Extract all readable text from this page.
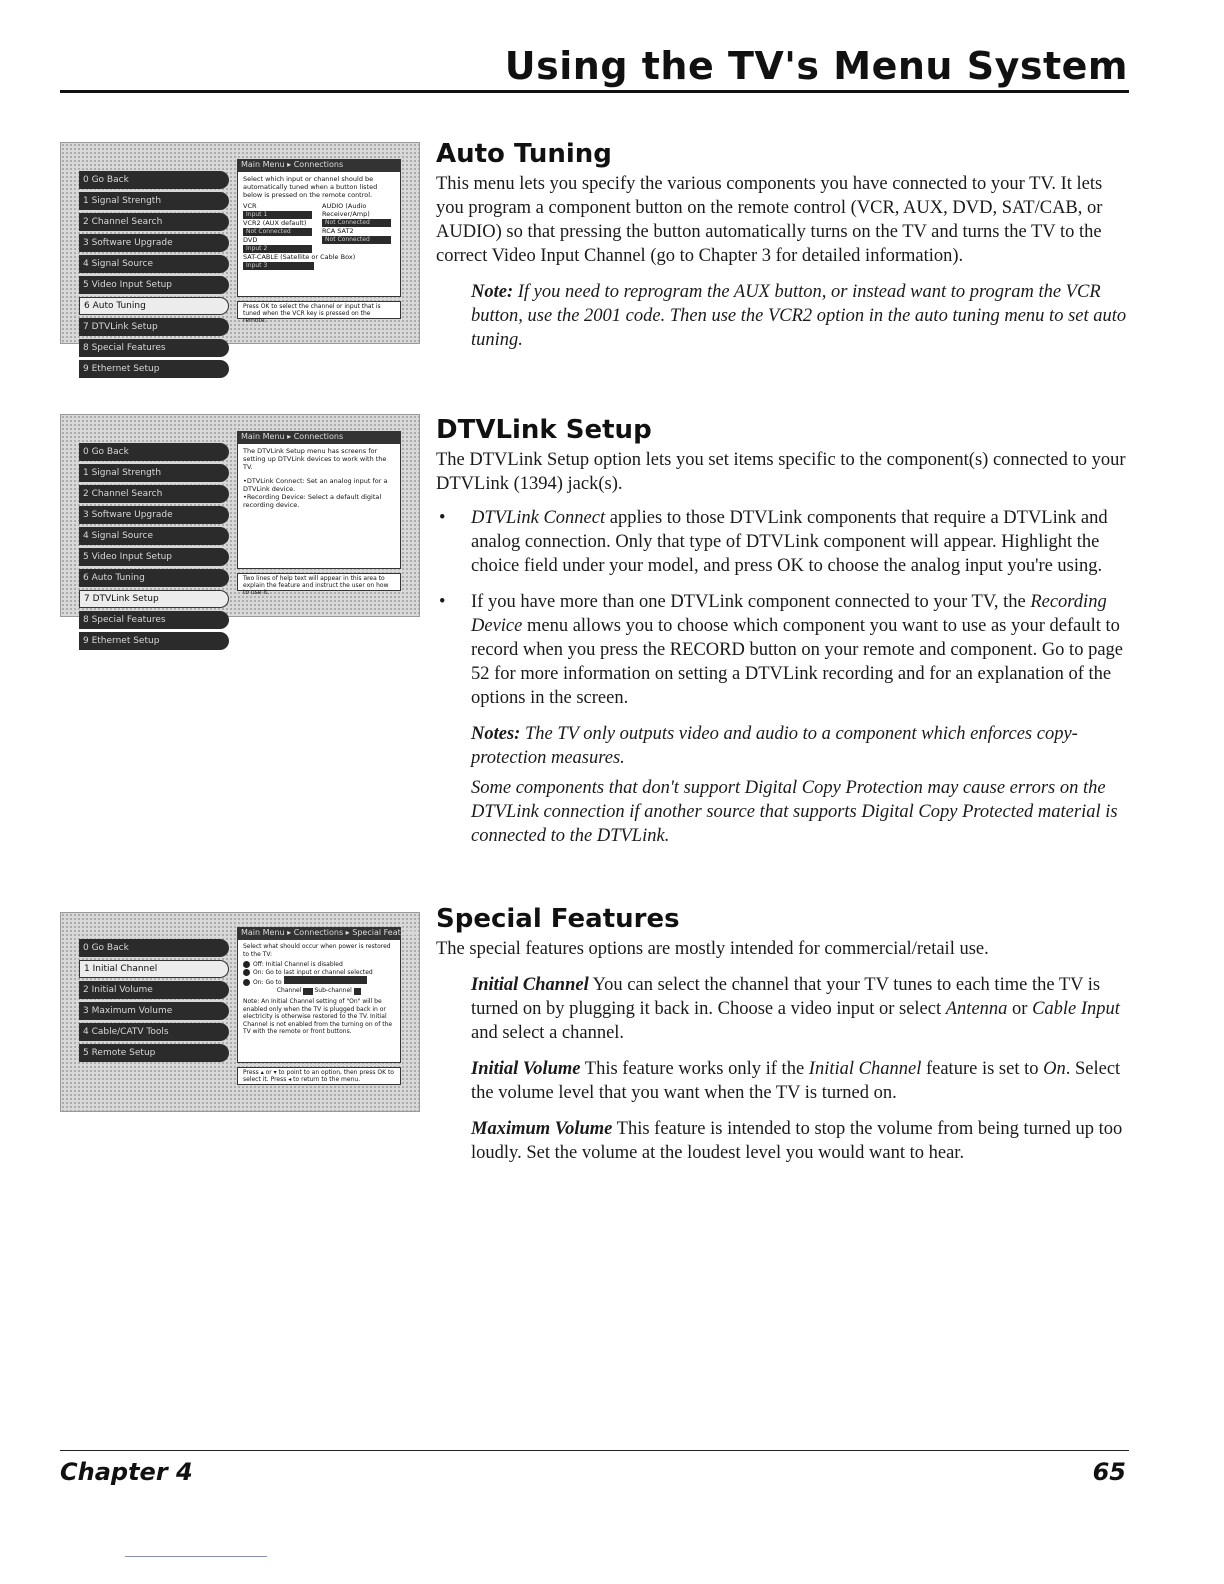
Using the TV's Menu System
Main Menu ▸ Connections
0 Go Back
1 Signal Strength
2 Channel Search
3 Software Upgrade
4 Signal Source
5 Video Input Setup
6 Auto Tuning
7 DTVLink Setup
8 Special Features
9 Ethernet Setup
Select which input or channel should be automatically tuned when a button listed below is pressed on the remote control.
VCR
Input 1
VCR2 (AUX default)
Not Connected
DVD
Input 2
AUDIO (Audio Receiver/Amp)
Not Connected
RCA SAT2
Not Connected
SAT-CABLE (Satellite or Cable Box)
Input 3
Press OK to select the channel or input that is tuned when the VCR key is pressed on the remote.
Main Menu ▸ Connections
0 Go Back
1 Signal Strength
2 Channel Search
3 Software Upgrade
4 Signal Source
5 Video Input Setup
6 Auto Tuning
7 DTVLink Setup
8 Special Features
9 Ethernet Setup
The DTVLink Setup menu has screens for setting up DTVLink devices to work with the TV.
•DTVLink Connect: Set an analog input for a DTVLink device.
•Recording Device: Select a default digital recording device.
Two lines of help text will appear in this area to explain the feature and instruct the user on how to use it.
Main Menu ▸ Connections ▸ Special Features
0 Go Back
1 Initial Channel
2 Initial Volume
3 Maximum Volume
4 Cable/CATV Tools
5 Remote Setup
Select what should occur when power is restored to the TV:
Off: Initial Channel is disabled
On: Go to last input or channel selected
On: Go to
Channel Sub-channel
Note: An Initial Channel setting of "On" will be enabled only when the TV is plugged back in or electricity is otherwise restored to the TV. Initial Channel is not enabled from the turning on of the TV with the remote or front buttons.
Press ▴ or ▾ to point to an option, then press OK to select it. Press ◂ to return to the menu.
Auto Tuning

This menu lets you specify the various components you have connected to your TV. It lets you program a component button on the remote control (VCR, AUX, DVD, SAT/CAB, or AUDIO) so that pressing the button automatically turns on the TV and turns the TV to the correct Video Input Channel (go to Chapter 3 for detailed information).

Note: If you need to reprogram the AUX button, or instead want to program the VCR button, use the 2001 code. Then use the VCR2 option in the auto tuning menu to set auto tuning.
DTVLink Setup

The DTVLink Setup option lets you set items specific to the component(s) connected to your DTVLink (1394) jack(s).

• DTVLink Connect applies to those DTVLink components that require a DTVLink and analog connection. Only that type of DTVLink component will appear. Highlight the choice field under your model, and press OK to choose the analog input you're using.
• If you have more than one DTVLink component connected to your TV, the Recording Device menu allows you to choose which component you want to use as your default to record when you press the RECORD button on your remote and component. Go to page 52 for more information on setting a DTVLink recording and for an explanation of the options in the screen.
Notes: The TV only outputs video and audio to a component which enforces copy-protection measures.
Some components that don't support Digital Copy Protection may cause errors on the DTVLink connection if another source that supports Digital Copy Protected material is connected to the DTVLink.
Special Features

The special features options are mostly intended for commercial/retail use.

Initial Channel You can select the channel that your TV tunes to each time the TV is turned on by plugging it back in. Choose a video input or select Antenna or Cable Input and select a channel.
Initial Volume This feature works only if the Initial Channel feature is set to On. Select the volume level that you want when the TV is turned on.
Maximum Volume This feature is intended to stop the volume from being turned up too loudly. Set the volume at the loudest level you would want to hear.
Chapter 4	65
